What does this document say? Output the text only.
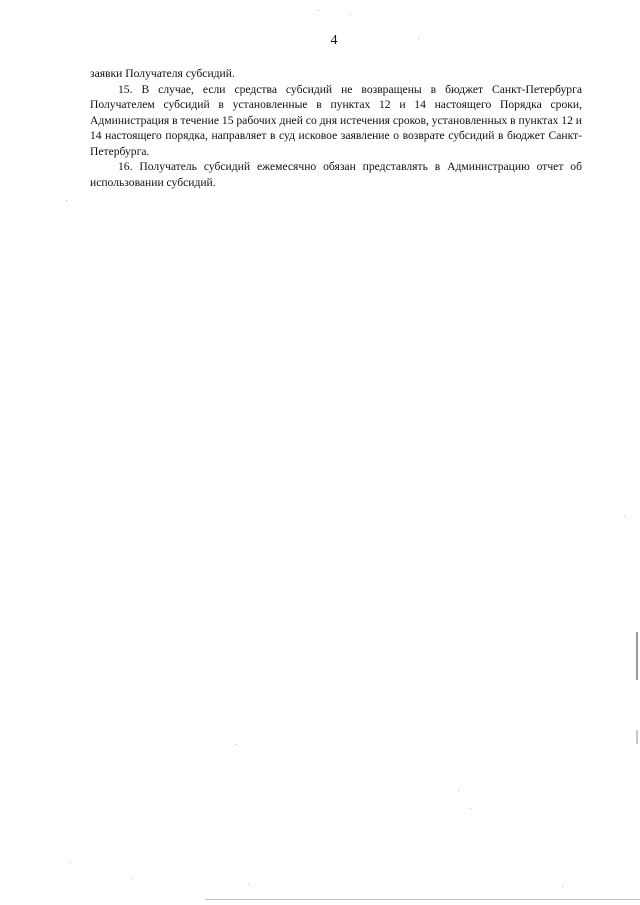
4

заявки Получателя субсидий.

15. В случае, если средства субсидий не возвращены в бюджет Санкт-Петербурга Получателем субсидий в установленные в пунктах 12 и 14 настоящего Порядка сроки, Администрация в течение 15 рабочих дней со дня истечения сроков, установленных в пунктах 12 и 14 настоящего порядка, направляет в суд исковое заявление о возврате субсидий в бюджет Санкт-Петербурга.

16. Получатель субсидий ежемесячно обязан представлять в Администрацию отчет об использовании субсидий.
